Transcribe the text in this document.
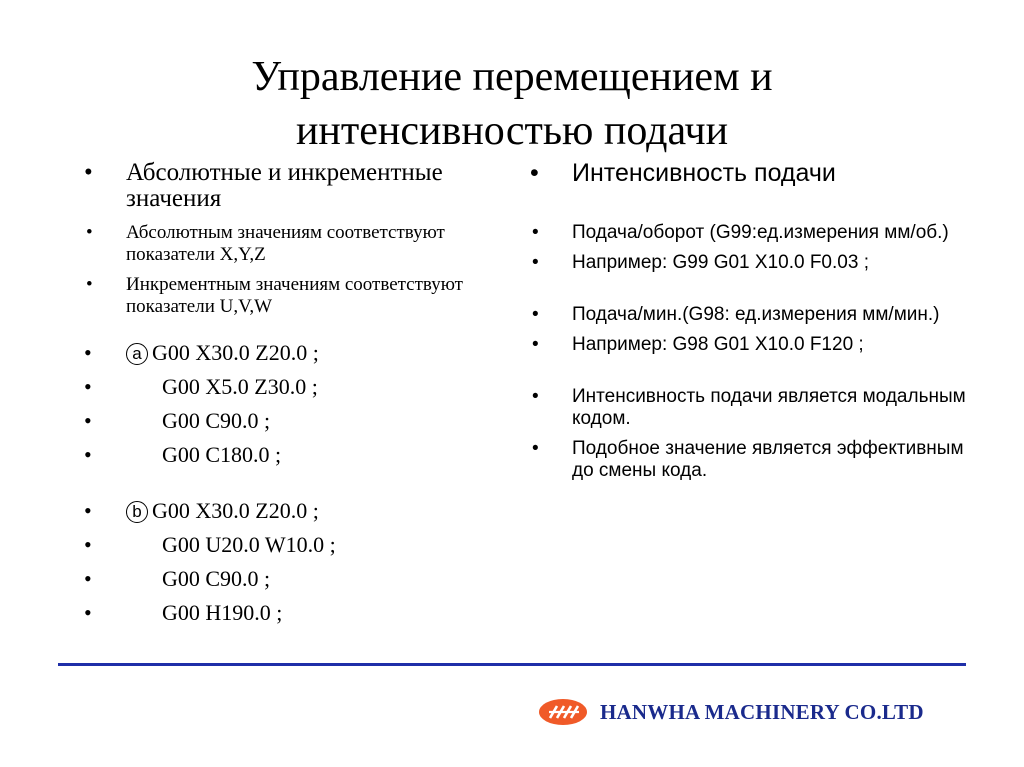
Управление перемещением и
интенсивностью подачи
• Абсолютные и инкрементные значения
• Абсолютным значениям соответствуют показатели X,Y,Z
• Инкрементным значениям соответствуют показатели U,V,W
• a G00 X30.0 Z20.0 ;
• G00 X5.0 Z30.0 ;
• G00 C90.0 ;
• G00 C180.0 ;
• b G00 X30.0 Z20.0 ;
• G00 U20.0 W10.0 ;
• G00 C90.0 ;
• G00 H190.0 ;
• Интенсивность подачи
• Подача/оборот (G99:ед.измерения мм/об.)
• Например: G99 G01 X10.0 F0.03 ;
• Подача/мин.(G98: ед.измерения мм/мин.)
• Например: G98 G01 X10.0 F120 ;
• Интенсивность подачи является модальным кодом.
• Подобное значение является эффективным до смены кода.
HANWHA MACHINERY CO.LTD
